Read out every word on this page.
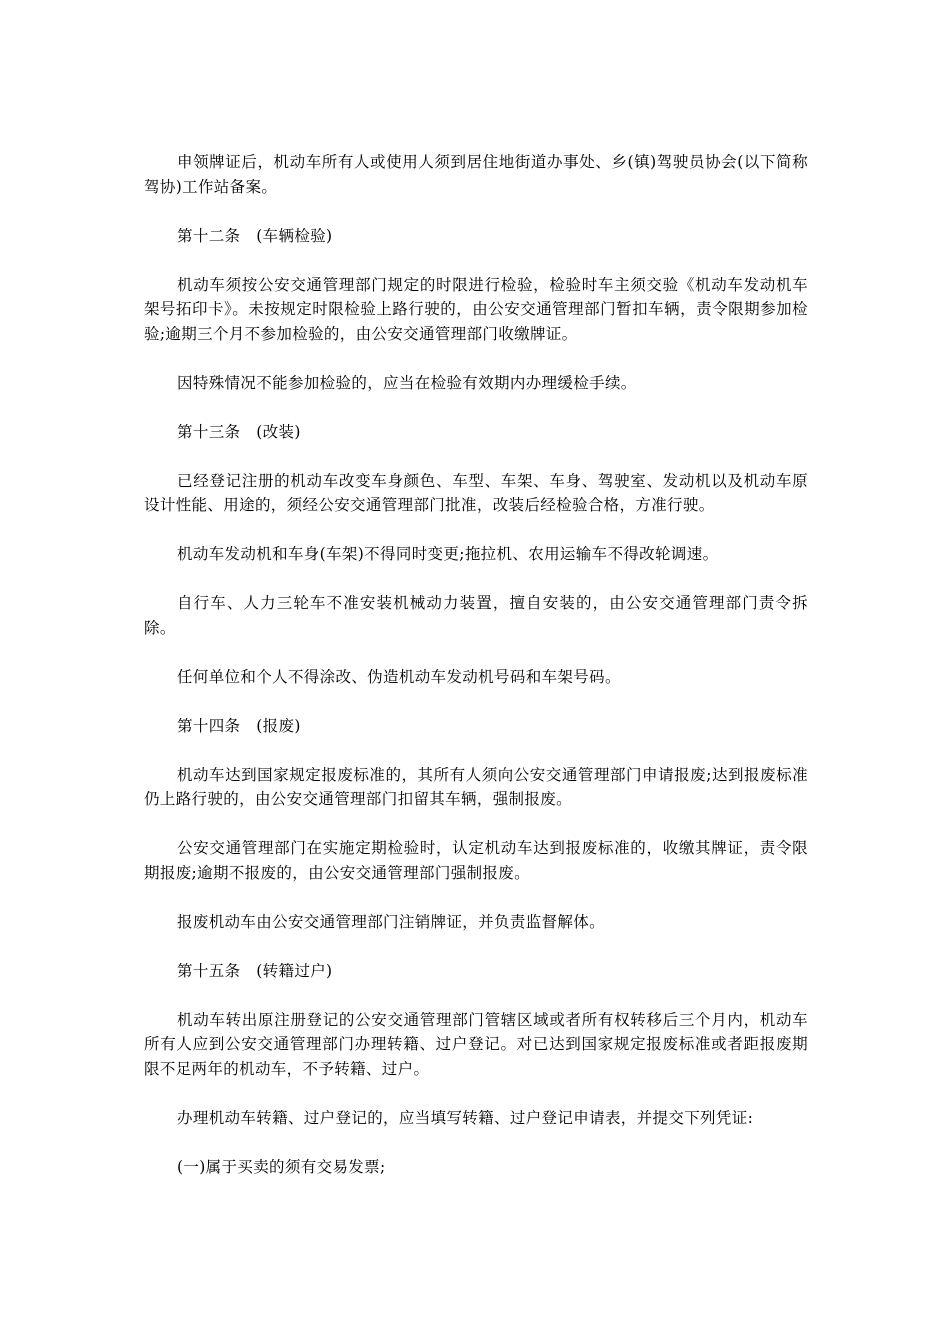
申领牌证后，机动车所有人或使用人须到居住地街道办事处、乡(镇)驾驶员协会(以下简称驾协)工作站备案。

第十二条　(车辆检验)

机动车须按公安交通管理部门规定的时限进行检验，检验时车主须交验《机动车发动机车架号拓印卡》。未按规定时限检验上路行驶的，由公安交通管理部门暂扣车辆，责令限期参加检验;逾期三个月不参加检验的，由公安交通管理部门收缴牌证。

因特殊情况不能参加检验的，应当在检验有效期内办理缓检手续。

第十三条　(改装)

已经登记注册的机动车改变车身颜色、车型、车架、车身、驾驶室、发动机以及机动车原设计性能、用途的，须经公安交通管理部门批准，改装后经检验合格，方准行驶。

机动车发动机和车身(车架)不得同时变更;拖拉机、农用运输车不得改轮调速。

自行车、人力三轮车不准安装机械动力装置，擅自安装的，由公安交通管理部门责令拆除。

任何单位和个人不得涂改、伪造机动车发动机号码和车架号码。

第十四条　(报废)

机动车达到国家规定报废标准的，其所有人须向公安交通管理部门申请报废;达到报废标准仍上路行驶的，由公安交通管理部门扣留其车辆，强制报废。

公安交通管理部门在实施定期检验时，认定机动车达到报废标准的，收缴其牌证，责令限期报废;逾期不报废的，由公安交通管理部门强制报废。

报废机动车由公安交通管理部门注销牌证，并负责监督解体。

第十五条　(转籍过户)

机动车转出原注册登记的公安交通管理部门管辖区域或者所有权转移后三个月内，机动车所有人应到公安交通管理部门办理转籍、过户登记。对已达到国家规定报废标准或者距报废期限不足两年的机动车，不予转籍、过户。

办理机动车转籍、过户登记的，应当填写转籍、过户登记申请表，并提交下列凭证:

(一)属于买卖的须有交易发票;
